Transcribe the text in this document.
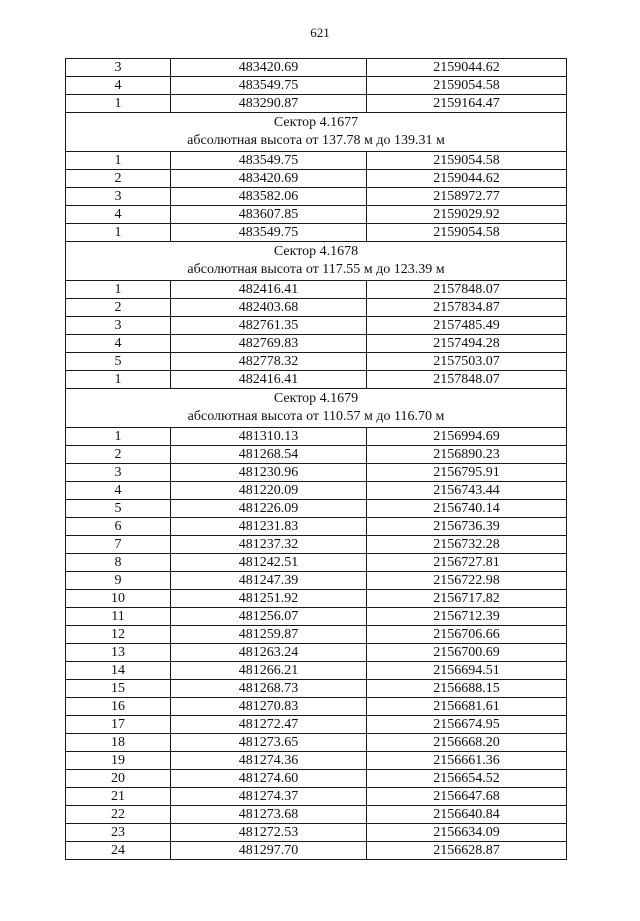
621
3	483420.69	2159044.62
4	483549.75	2159054.58
1	483290.87	2159164.47

Сектор 4.1677
абсолютная высота от 137.78 м до 139.31 м		

1	483549.75	2159054.58
2	483420.69	2159044.62
3	483582.06	2158972.77
4	483607.85	2159029.92
1	483549.75	2159054.58

Сектор 4.1678
абсолютная высота от 117.55 м до 123.39 м		

1	482416.41	2157848.07
2	482403.68	2157834.87
3	482761.35	2157485.49
4	482769.83	2157494.28
5	482778.32	2157503.07
1	482416.41	2157848.07

Сектор 4.1679
абсолютная высота от 110.57 м до 116.70 м		

1	481310.13	2156994.69
2	481268.54	2156890.23
3	481230.96	2156795.91
4	481220.09	2156743.44
5	481226.09	2156740.14
6	481231.83	2156736.39
7	481237.32	2156732.28
8	481242.51	2156727.81
9	481247.39	2156722.98
10	481251.92	2156717.82
11	481256.07	2156712.39
12	481259.87	2156706.66
13	481263.24	2156700.69
14	481266.21	2156694.51
15	481268.73	2156688.15
16	481270.83	2156681.61
17	481272.47	2156674.95
18	481273.65	2156668.20
19	481274.36	2156661.36
20	481274.60	2156654.52
21	481274.37	2156647.68
22	481273.68	2156640.84
23	481272.53	2156634.09
24	481297.70	2156628.87
